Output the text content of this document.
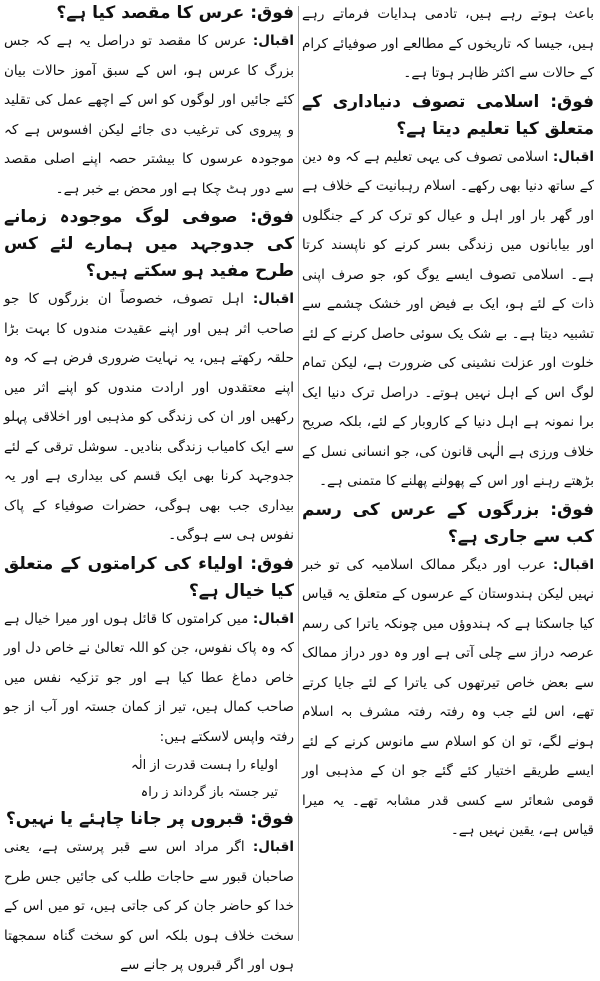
باعث ہوتے رہے ہیں، تادمی ہدایات فرماتے رہے ہیں، جیسا کہ تاریخوں کے مطالعے اور صوفیائے کرام کے حالات سے اکثر ظاہر ہوتا ہے۔

فوق: اسلامی تصوف دنیاداری کے متعلق کیا تعلیم دیتا ہے؟

اقبال: اسلامی تصوف کی یہی تعلیم ہے کہ وہ دین کے ساتھ دنیا بھی رکھے۔ اسلام رہبانیت کے خلاف ہے اور گھر بار اور اہل و عیال کو ترک کر کے جنگلوں اور بیابانوں میں زندگی بسر کرنے کو ناپسند کرتا ہے۔ اسلامی تصوف ایسے یوگ کو، جو صرف اپنی ذات کے لئے ہو، ایک بے فیض اور خشک چشمے سے تشبیہ دیتا ہے۔ بے شک یک سوئی حاصل کرنے کے لئے خلوت اور عزلت نشینی کی ضرورت ہے، لیکن تمام لوگ اس کے اہل نہیں ہوتے۔ دراصل ترک دنیا ایک برا نمونہ ہے اہل دنیا کے کاروبار کے لئے، بلکہ صریح خلاف ورزی ہے الٰہی قانون کی، جو انسانی نسل کے بڑھتے رہنے اور اس کے پھولنے پھلنے کا متمنی ہے۔

فوق: بزرگوں کے عرس کی رسم کب سے جاری ہے؟

اقبال: عرب اور دیگر ممالک اسلامیہ کی تو خبر نہیں لیکن ہندوستان کے عرسوں کے متعلق یہ قیاس کیا جاسکتا ہے کہ ہندوؤں میں چونکہ یاترا کی رسم عرصہ دراز سے چلی آتی ہے اور وہ دور دراز ممالک سے بعض خاص تیرتھوں کی یاترا کے لئے جایا کرتے تھے، اس لئے جب وہ رفتہ رفتہ مشرف بہ اسلام ہونے لگے، تو ان کو اسلام سے مانوس کرنے کے لئے ایسے طریقے اختیار کئے گئے جو ان کے مذہبی اور قومی شعائر سے کسی قدر مشابہ تھے۔ یہ میرا قیاس ہے، یقین نہیں ہے۔

فوق: عرس کا مقصد کیا ہے؟

اقبال: عرس کا مقصد تو دراصل یہ ہے کہ جس بزرگ کا عرس ہو، اس کے سبق آموز حالات بیان کئے جائیں اور لوگوں کو اس کے اچھے عمل کی تقلید و پیروی کی ترغیب دی جائے لیکن افسوس ہے کہ موجودہ عرسوں کا بیشتر حصہ اپنے اصلی مقصد سے دور ہٹ چکا ہے اور محض بے خبر ہے۔

فوق: صوفی لوگ موجودہ زمانے کی جدوجہد میں ہمارے لئے کس طرح مفید ہو سکتے ہیں؟

اقبال: اہل تصوف، خصوصاً ان بزرگوں کا جو صاحب اثر ہیں اور اپنے عقیدت مندوں کا بہت بڑا حلقہ رکھتے ہیں، یہ نہایت ضروری فرض ہے کہ وہ اپنے معتقدوں اور ارادت مندوں کو اپنے اثر میں رکھیں اور ان کی زندگی کو مذہبی اور اخلاقی پہلو سے ایک کامیاب زندگی بنادیں۔ سوشل ترقی کے لئے جدوجہد کرنا بھی ایک قسم کی بیداری ہے اور یہ بیداری جب بھی ہوگی، حضرات صوفیاء کے پاک نفوس ہی سے ہوگی۔

فوق: اولیاء کی کرامتوں کے متعلق کیا خیال ہے؟

اقبال: میں کرامتوں کا قائل ہوں اور میرا خیال ہے کہ وہ پاک نفوس، جن کو اللہ تعالیٰ نے خاص دل اور خاص دماغ عطا کیا ہے اور جو تزکیہ نفس میں صاحب کمال ہیں، تیر از کمان جستہ اور آب از جو رفتہ واپس لاسکتے ہیں:

اولیاء را ہست قدرت از الٰہ

تیر جستہ باز گرداند ز راہ

فوق: قبروں پر جانا چاہئے یا نہیں؟

اقبال: اگر مراد اس سے قبر پرستی ہے، یعنی صاحبان قبور سے حاجات طلب کی جائیں جس طرح خدا کو حاضر جان کر کی جاتی ہیں، تو میں اس کے سخت خلاف ہوں بلکہ اس کو سخت گناہ سمجھتا ہوں اور اگر قبروں پر جانے سے
